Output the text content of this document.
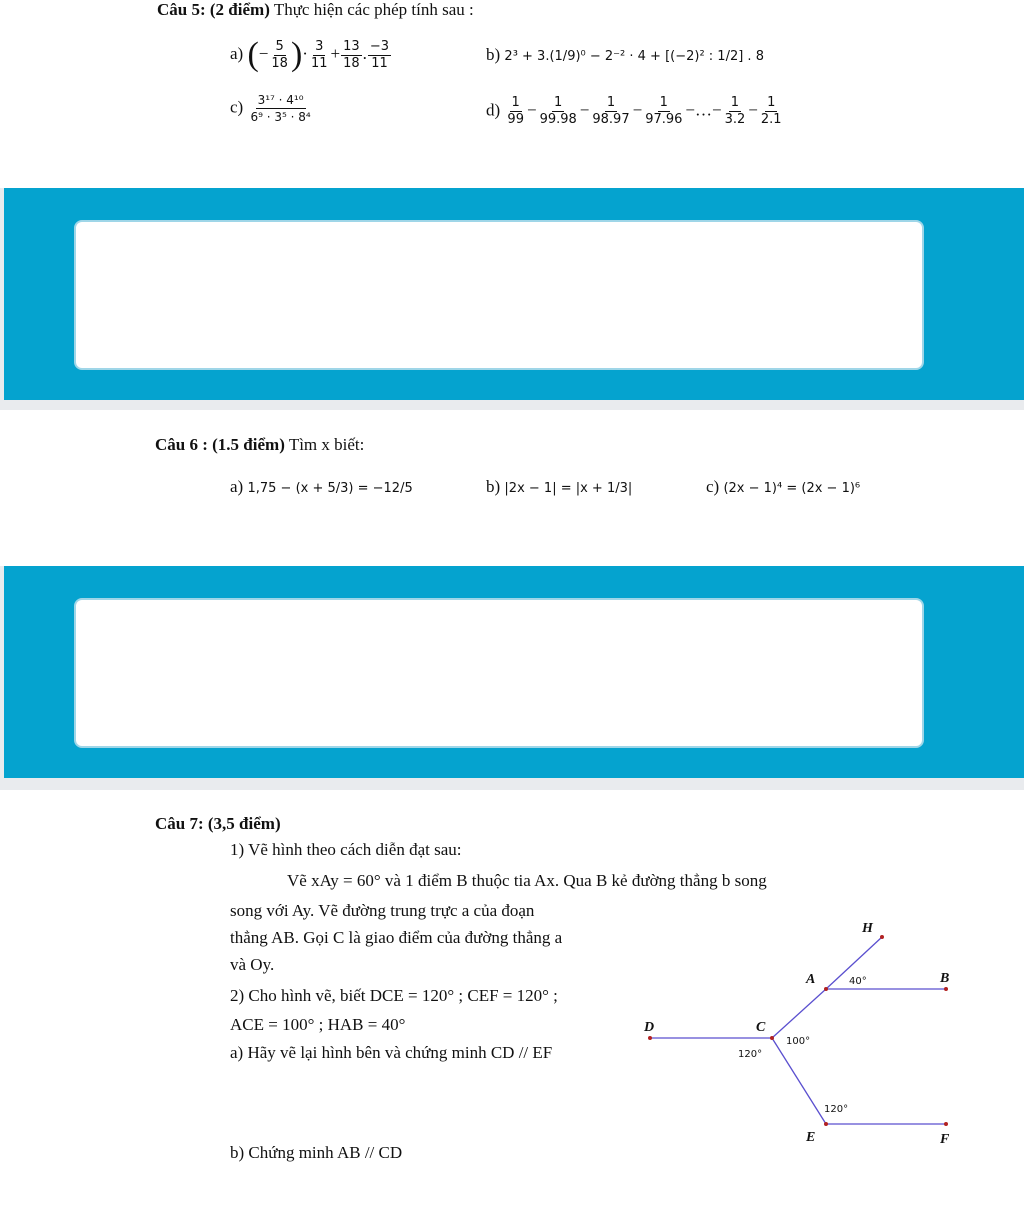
Câu 5: (2 điểm) Thực hiện các phép tính sau :
a) (− $\frac{5}{18}$ )· $\frac{3}{11} + \frac{13}{18}$ . $\frac{-3}{11}$	b) 2³ + 3.(1/9)⁰ − 2⁻² · 4 + [(−2)² : 1/2] . 8
$c) \frac{\text{3¹⁷ · 4¹⁰}}{\text{6⁹ · 3⁵ · 8⁴}}$	$d) \frac{1}{99} - \frac{1}{99.98} - \frac{1}{98.97} - \frac{1}{97.96}$ −…− $\frac{1}{3.2} - \frac{1}{2.1}$
Câu 6 : (1.5 điểm) Tìm x biết:
a) 1,75 − (x + 5/3) = −12/5	b) |2x − 1| = |x + 1/3|	c) (2x − 1)⁴ = (2x − 1)⁶
Câu 7: (3,5 điểm)
1) Vẽ hình theo cách diễn đạt sau:
Vẽ xAy = 60° và 1 điểm B thuộc tia Ax. Qua B kẻ đường thẳng b song
song với Ay. Vẽ đường trung trực a của đoạn
thẳng AB. Gọi C là giao điểm của đường thẳng a
và Oy.
2) Cho hình vẽ, biết DCE = 120° ; CEF = 120° ;
ACE = 100° ; HAB = 40°
a) Hãy vẽ lại hình bên và chứng minh CD // EF
b) Chứng minh AB // CD
H
A	B
C
D
E	F
40°
100°
120°
120°
